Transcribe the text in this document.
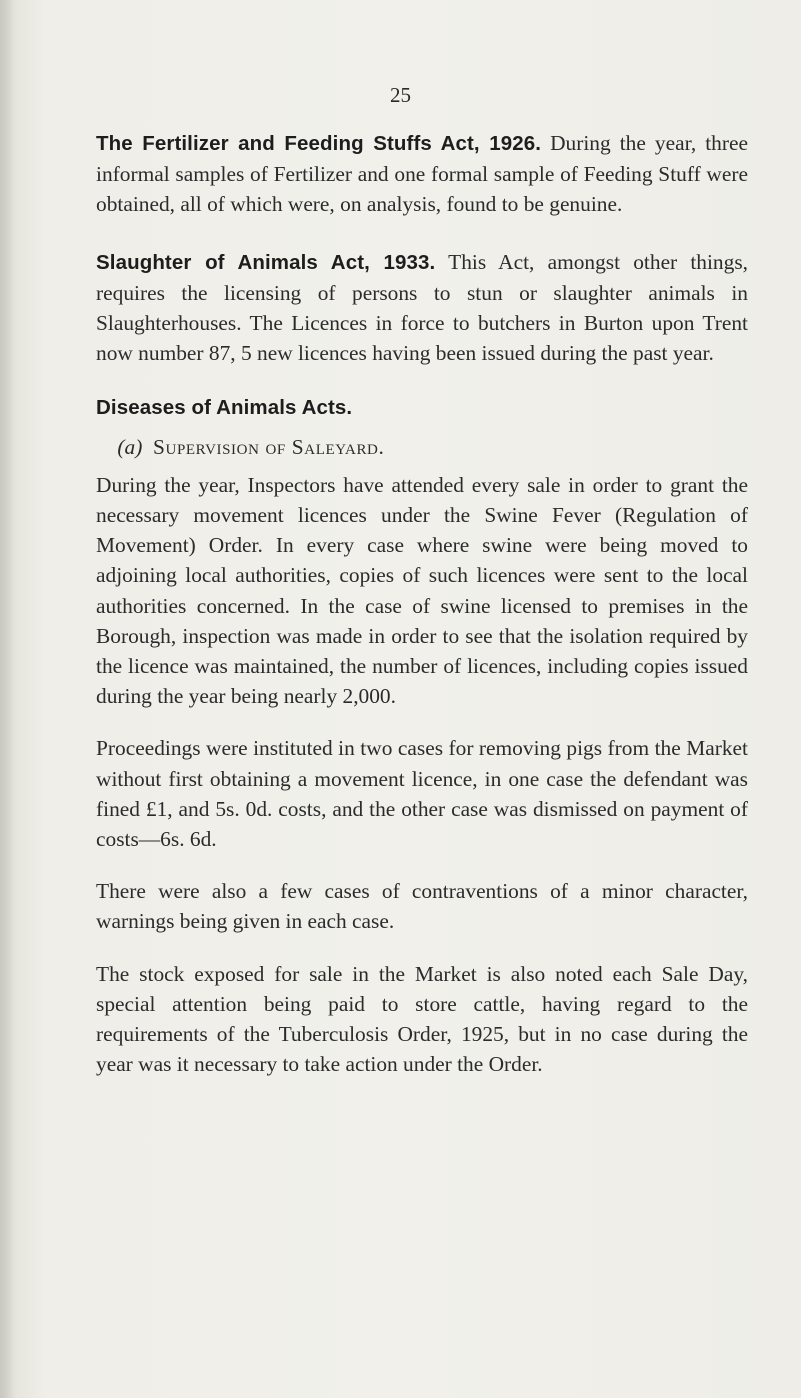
25

The Fertilizer and Feeding Stuffs Act, 1926. During the year, three informal samples of Fertilizer and one formal sample of Feeding Stuff were obtained, all of which were, on analysis, found to be genuine.

Slaughter of Animals Act, 1933. This Act, amongst other things, requires the licensing of persons to stun or slaughter animals in Slaughterhouses. The Licences in force to butchers in Burton upon Trent now number 87, 5 new licences having been issued during the past year.

Diseases of Animals Acts.

(a) Supervision of Saleyard.

During the year, Inspectors have attended every sale in order to grant the necessary movement licences under the Swine Fever (Regulation of Movement) Order. In every case where swine were being moved to adjoining local authorities, copies of such licences were sent to the local authorities concerned. In the case of swine licensed to premises in the Borough, inspection was made in order to see that the isolation required by the licence was maintained, the number of licences, including copies issued during the year being nearly 2,000.

Proceedings were instituted in two cases for removing pigs from the Market without first obtaining a movement licence, in one case the defendant was fined £1, and 5s. 0d. costs, and the other case was dismissed on payment of costs—6s. 6d.

There were also a few cases of contraventions of a minor character, warnings being given in each case.

The stock exposed for sale in the Market is also noted each Sale Day, special attention being paid to store cattle, having regard to the requirements of the Tuberculosis Order, 1925, but in no case during the year was it necessary to take action under the Order.
